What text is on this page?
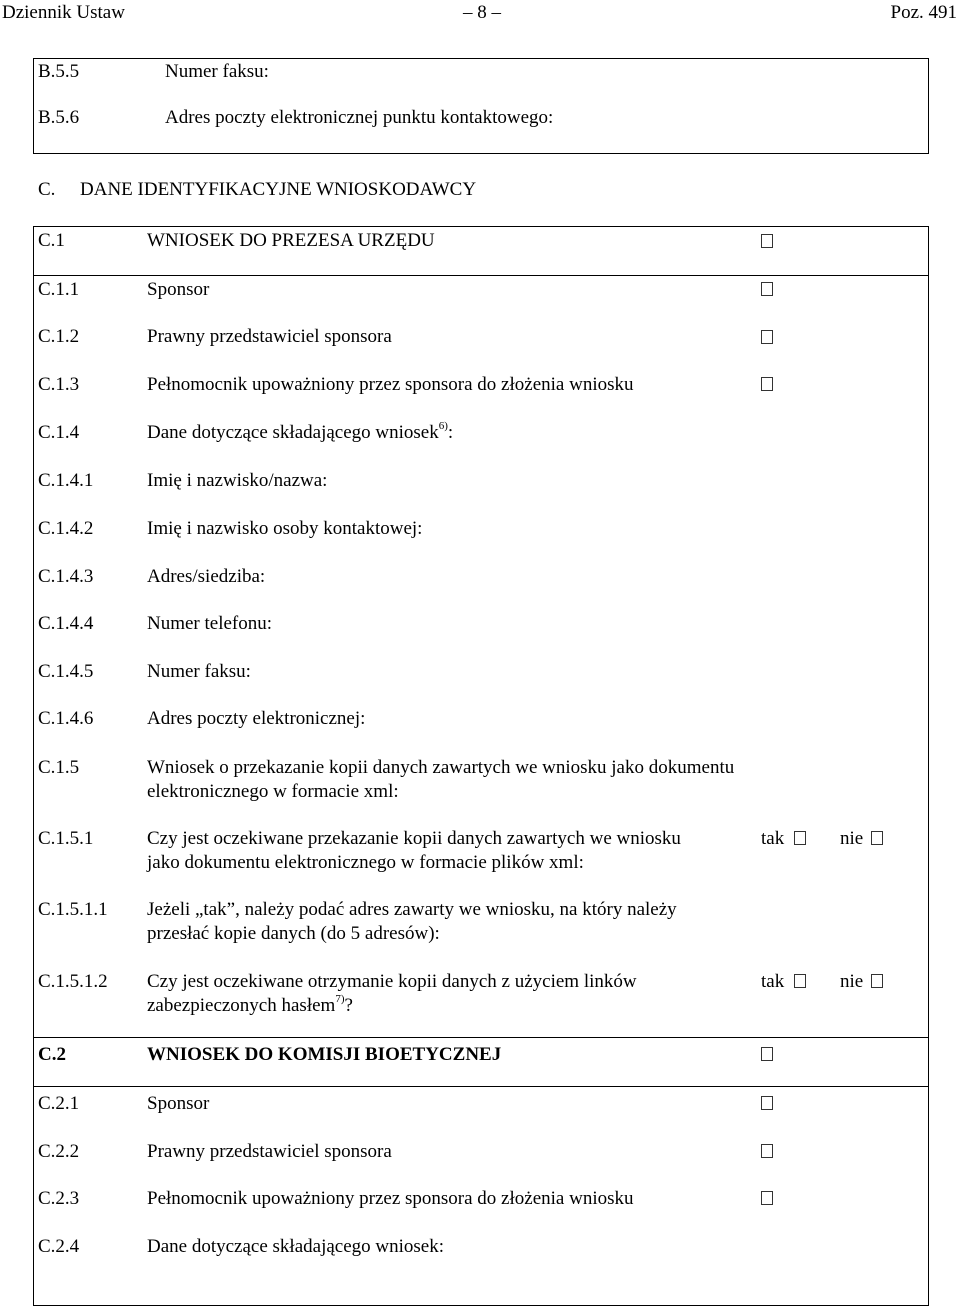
Dziennik Ustaw	– 8 –	Poz. 491
B.5.5	Numer faksu:
B.5.6	Adres poczty elektronicznej punktu kontaktowego:
C. DANE IDENTYFIKACYJNE WNIOSKODAWCY
C.1	WNIOSEK DO PREZESA URZĘDU
C.1.1	Sponsor
C.1.2	Prawny przedstawiciel sponsora
C.1.3	Pełnomocnik upoważniony przez sponsora do złożenia wniosku
C.1.4	Dane dotyczące składającego wniosek$^{6)}$:
C.1.4.1	Imię i nazwisko/nazwa:
C.1.4.2	Imię i nazwisko osoby kontaktowej:
C.1.4.3	Adres/siedziba:
C.1.4.4	Numer telefonu:
C.1.4.5	Numer faksu:
C.1.4.6	Adres poczty elektronicznej:
C.1.5	Wniosek o przekazanie kopii danych zawartych we wniosku jako dokumentu
elektronicznego w formacie xml:
C.1.5.1	Czy jest oczekiwane przekazanie kopii danych zawartych we wniosku
jako dokumentu elektronicznego w formacie plików xml:
tak	nie
C.1.5.1.1 Jeżeli „tak”, należy podać adres zawarty we wniosku, na który należy
przesłać kopie danych (do 5 adresów):
C.1.5.1.2 Czy jest oczekiwane otrzymanie kopii danych z użyciem linków
zabezpieczonych hasłem$^{7)}$?
tak	nie
C.2	WNIOSEK DO KOMISJI BIOETYCZNEJ
C.2.1	Sponsor
C.2.2	Prawny przedstawiciel sponsora
C.2.3	Pełnomocnik upoważniony przez sponsora do złożenia wniosku
C.2.4	Dane dotyczące składającego wniosek:
